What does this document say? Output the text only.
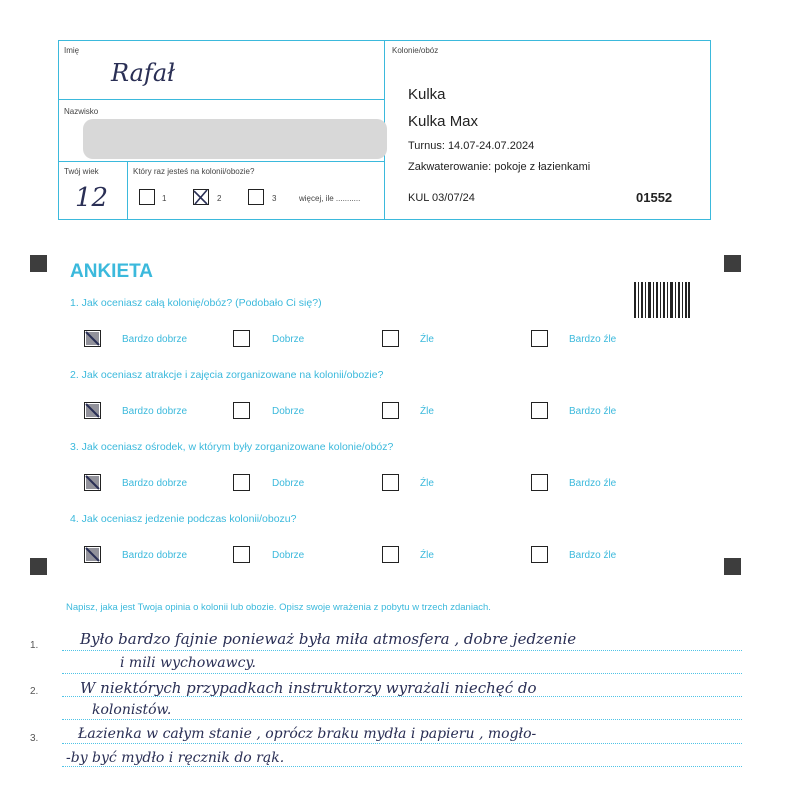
Imię
Rafał
Nazwisko
Twój wiek
12
Który raz jesteś na kolonii/obozie?
1	2	3	więcej, ile ...........
Kolonie/obóz
Kulka
Kulka Max
Turnus: 14.07-24.07.2024
Zakwaterowanie: pokoje z łazienkami
KUL 03/07/24	01552
ANKIETA
1. Jak oceniasz całą kolonię/obóz? (Podobało Ci się?)
Bardzo dobrze	Dobrze	Źle	Bardzo źle
2. Jak oceniasz atrakcje i zajęcia zorganizowane na kolonii/obozie?
Bardzo dobrze	Dobrze	Źle	Bardzo źle
3. Jak oceniasz ośrodek, w którym były zorganizowane kolonie/obóz?
Bardzo dobrze	Dobrze	Źle	Bardzo źle
4. Jak oceniasz jedzenie podczas kolonii/obozu?
Bardzo dobrze	Dobrze	Źle	Bardzo źle
Napisz, jaka jest Twoja opinia o kolonii lub obozie. Opisz swoje wrażenia z pobytu w trzech zdaniach.
1.
2.
3.
Było bardzo fajnie ponieważ była miła atmosfera , dobre jedzenie
i mili wychowawcy.
W niektórych przypadkach instruktorzy wyrażali niechęć do
kolonistów.
Łazienka w całym stanie , oprócz braku mydła i papieru , mogło-
-by być mydło i ręcznik do rąk.
